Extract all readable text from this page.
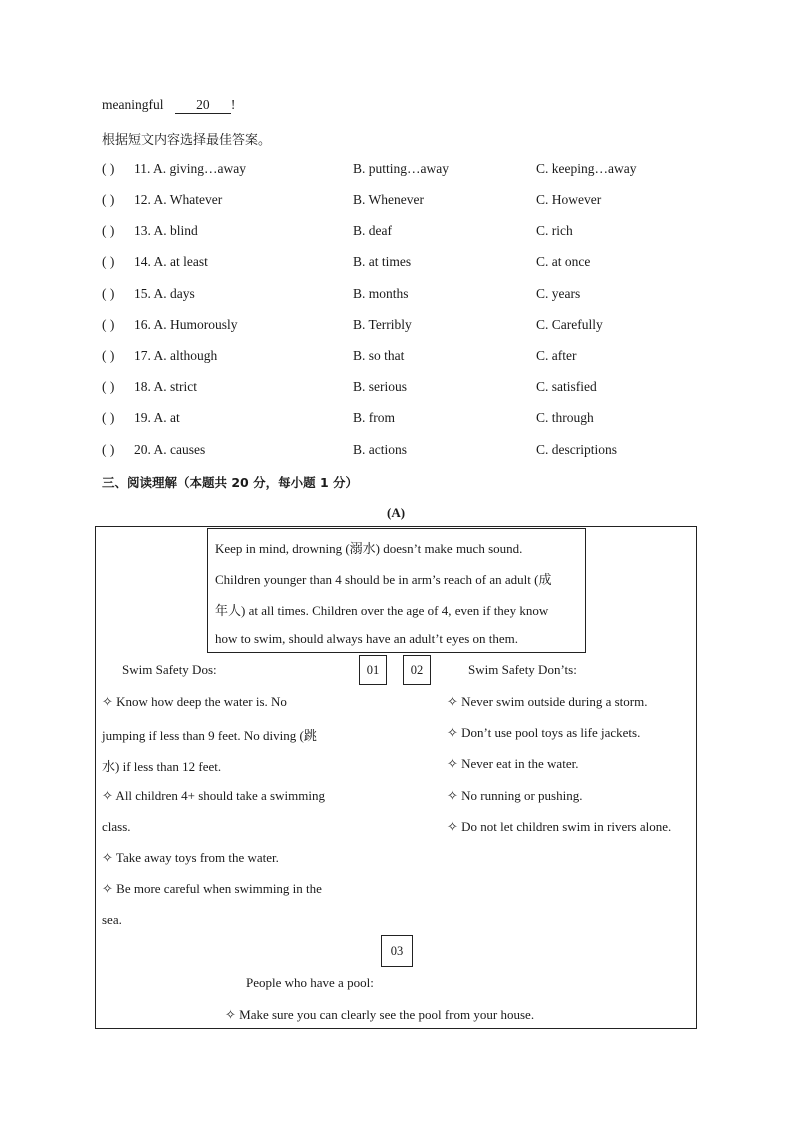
meaningful 20 !
根据短文内容选择最佳答案。
( ) 11. A. giving…away	B. putting…away	C. keeping…away
( ) 12. A. Whatever	B. Whenever	C. However
( ) 13. A. blind	B. deaf	C. rich
( ) 14. A. at least	B. at times	C. at once
( ) 15. A. days	B. months	C. years
( ) 16. A. Humorously	B. Terribly	C. Carefully
( ) 17. A. although	B. so that	C. after
( ) 18. A. strict	B. serious	C. satisfied
( ) 19. A. at	B. from	C. through
( ) 20. A. causes	B. actions	C. descriptions
三、阅读理解（本题共 20 分，每小题 1 分）
(A)
Keep in mind, drowning (溺水) doesn’t make much sound.
Children younger than 4 should be in arm’s reach of an adult (成
年人) at all times. Children over the age of 4, even if they know
how to swim, should always have an adult’t eyes on them.
01	02
03
Swim Safety Dos:
✧ Know how deep the water is. No
jumping if less than 9 feet. No diving (跳
水) if less than 12 feet.
✧ All children 4+ should take a swimming
class.
✧ Take away toys from the water.
✧ Be more careful when swimming in the
sea.
Swim Safety Don’ts:
✧ Never swim outside during a storm.
✧ Don’t use pool toys as life jackets.
✧ Never eat in the water.
✧ No running or pushing.
✧ Do not let children swim in rivers alone.
People who have a pool:
✧ Make sure you can clearly see the pool from your house.
